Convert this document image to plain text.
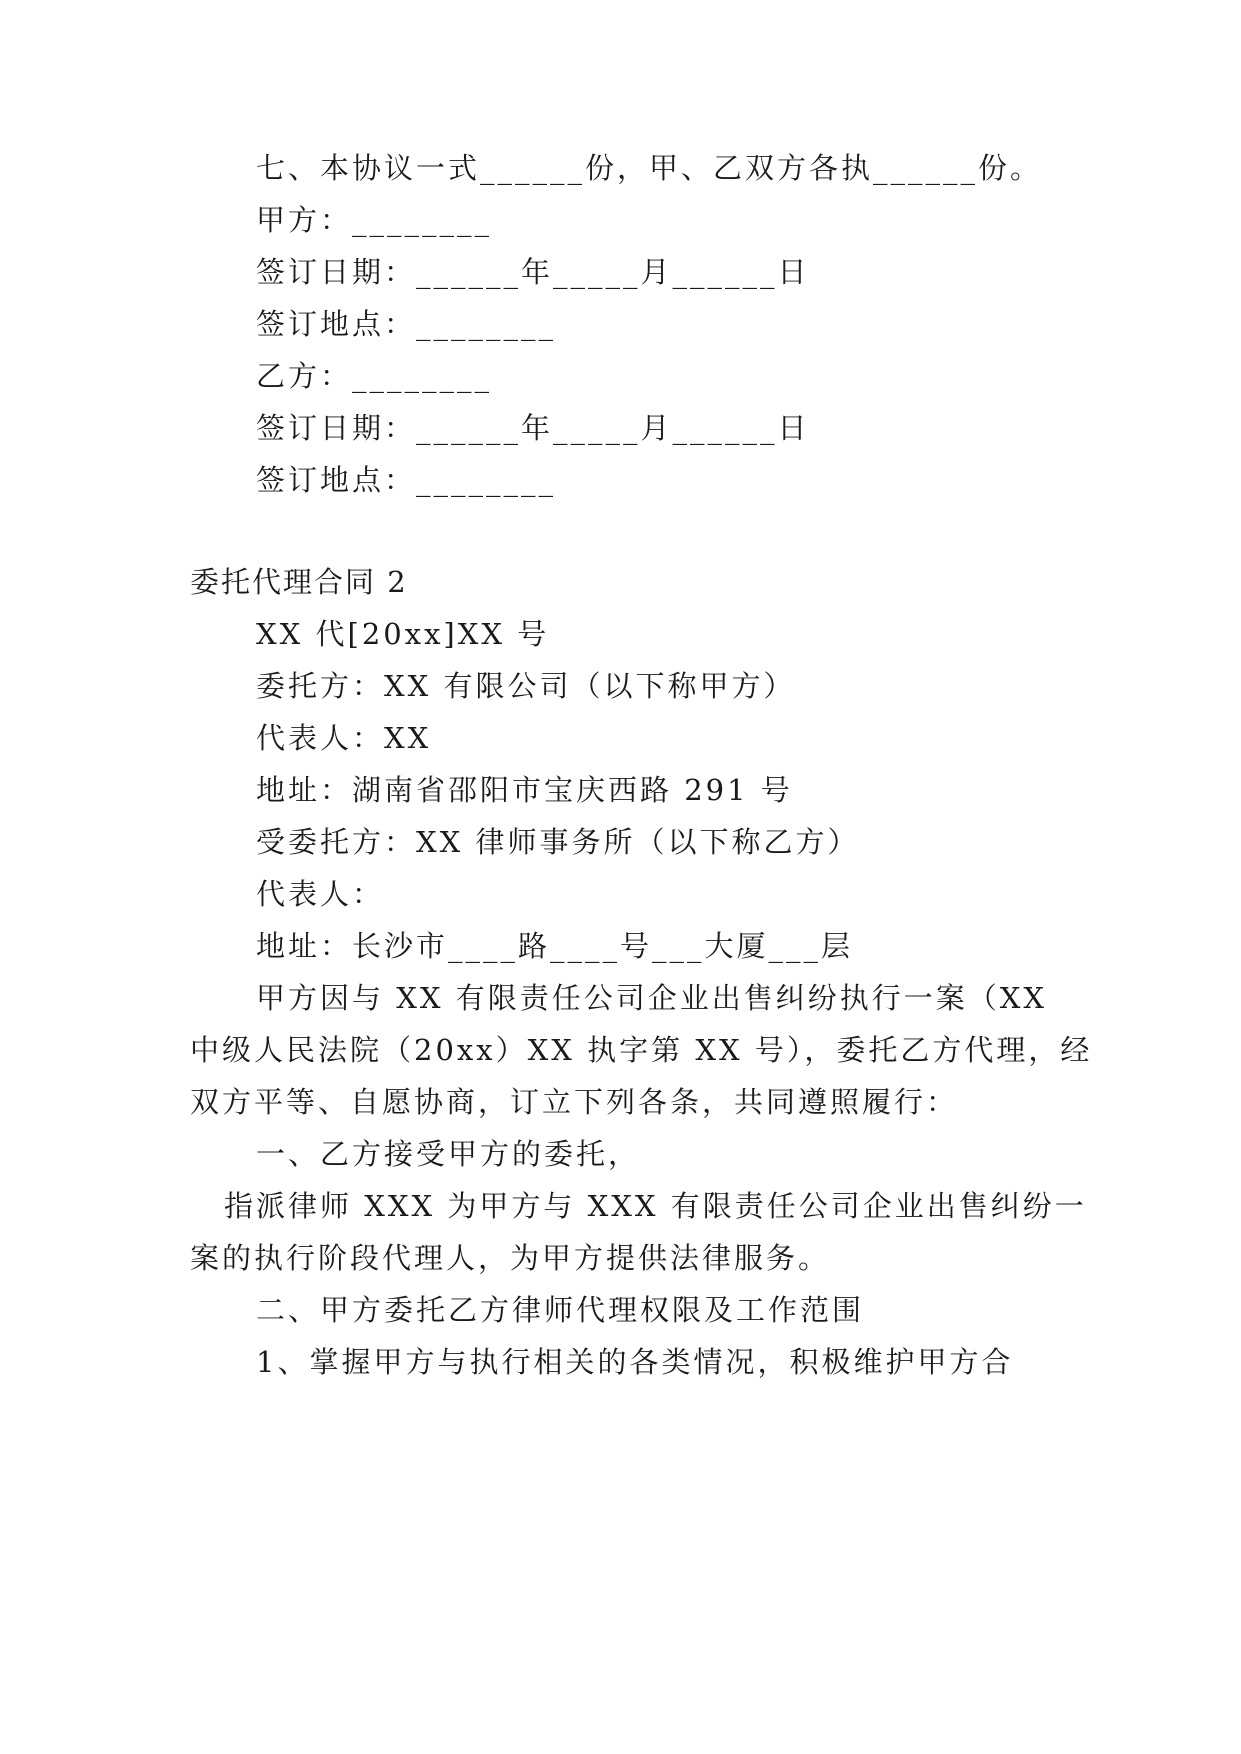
七、本协议一式______份，甲、乙双方各执______份。
甲方：________
签订日期：______年_____月______日
签订地点：________
乙方：________
签订日期：______年_____月______日
签订地点：________
委托代理合同 2
XX 代[20xx]XX 号
委托方：XX 有限公司（以下称甲方）
代表人：XX
地址：湖南省邵阳市宝庆西路 291 号
受委托方：XX 律师事务所（以下称乙方）
代表人：
地址：长沙市____路____号___大厦___层
甲方因与 XX 有限责任公司企业出售纠纷执行一案（XX
中级人民法院（20xx）XX 执字第 XX 号），委托乙方代理，经
双方平等、自愿协商，订立下列各条，共同遵照履行：
一、乙方接受甲方的委托，
指派律师 XXX 为甲方与 XXX 有限责任公司企业出售纠纷一
案的执行阶段代理人，为甲方提供法律服务。
二、甲方委托乙方律师代理权限及工作范围
1、掌握甲方与执行相关的各类情况，积极维护甲方合
